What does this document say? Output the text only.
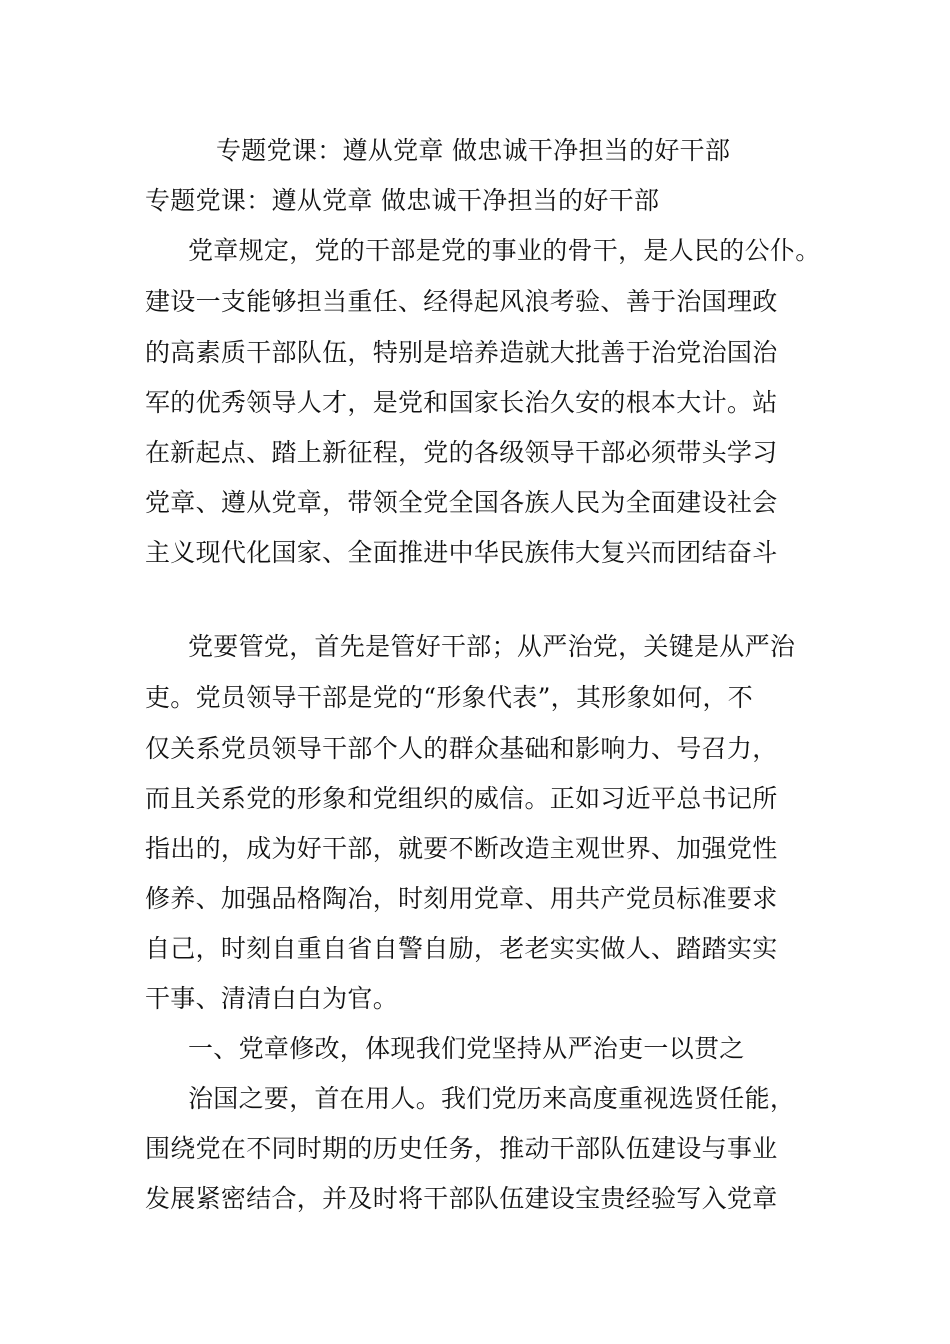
专题党课：遵从党章 做忠诚干净担当的好干部
专题党课：遵从党章 做忠诚干净担当的好干部
党章规定，党的干部是党的事业的骨干，是人民的公仆。
建设一支能够担当重任、经得起风浪考验、善于治国理政
的高素质干部队伍，特别是培养造就大批善于治党治国治
军的优秀领导人才，是党和国家长治久安的根本大计。站
在新起点、踏上新征程，党的各级领导干部必须带头学习
党章、遵从党章，带领全党全国各族人民为全面建设社会
主义现代化国家、全面推进中华民族伟大复兴而团结奋斗
党要管党，首先是管好干部；从严治党，关键是从严治
吏。党员领导干部是党的“形象代表”，其形象如何，不
仅关系党员领导干部个人的群众基础和影响力、号召力，
而且关系党的形象和党组织的威信。正如习近平总书记所
指出的，成为好干部，就要不断改造主观世界、加强党性
修养、加强品格陶冶，时刻用党章、用共产党员标准要求
自己，时刻自重自省自警自励，老老实实做人、踏踏实实
干事、清清白白为官。
一、党章修改，体现我们党坚持从严治吏一以贯之
治国之要，首在用人。我们党历来高度重视选贤任能，
围绕党在不同时期的历史任务，推动干部队伍建设与事业
发展紧密结合，并及时将干部队伍建设宝贵经验写入党章
